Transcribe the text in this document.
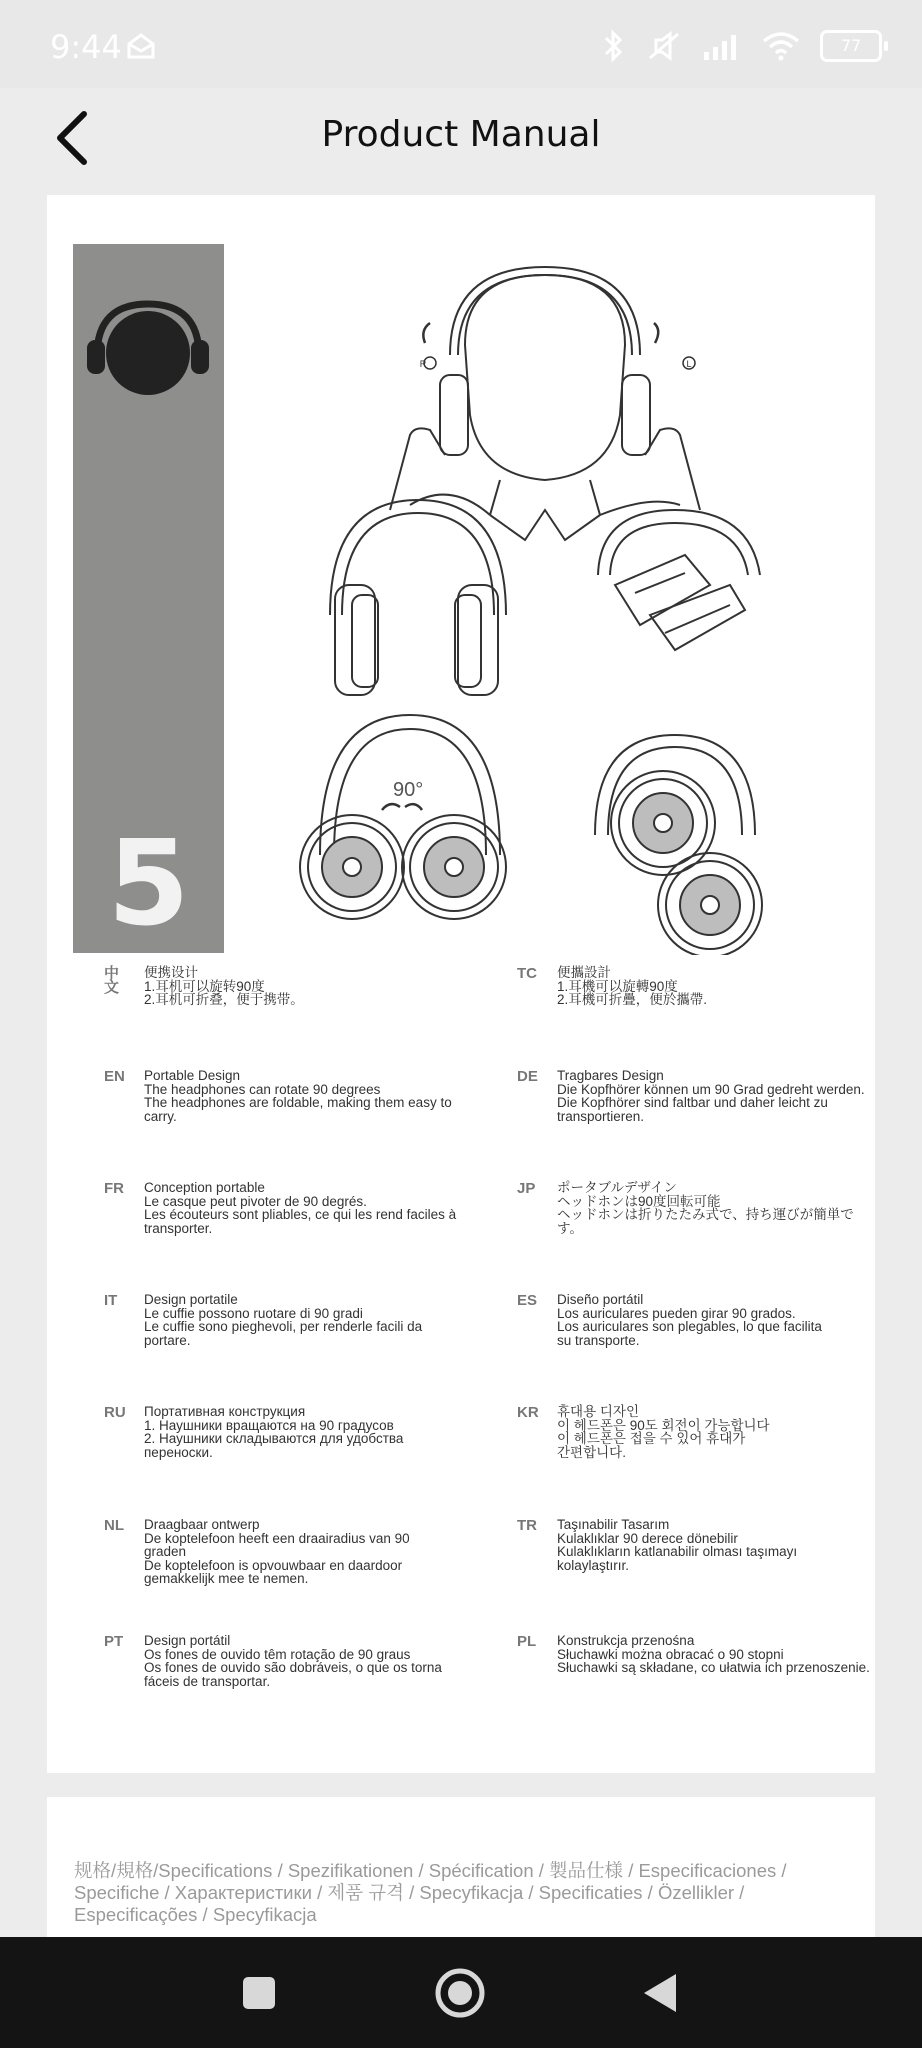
9:44	77
Product Manual
5
90°
R	L
中文
便携设计
1.耳机可以旋转90度
2.耳机可折叠，便于携带。
TC 便攜設計
1.耳機可以旋轉90度
2.耳機可折疊，便於攜帶.
EN Portable Design
The headphones can rotate 90 degrees
The headphones are foldable, making them easy to carry.
DE Tragbares Design
Die Kopfhörer können um 90 Grad gedreht werden.
Die Kopfhörer sind faltbar und daher leicht zu
transportieren.
FR Conception portable
Le casque peut pivoter de 90 degrés.
Les écouteurs sont pliables, ce qui les rend faciles à transporter.
JP ポータブルデザイン
ヘッドホンは90度回転可能
ヘッドホンは折りたたみ式で、持ち運びが簡単です。
IT Design portatile
Le cuffie possono ruotare di 90 gradi
Le cuffie sono pieghevoli, per renderle facili da portare.
ES Diseño portátil
Los auriculares pueden girar 90 grados.
Los auriculares son plegables, lo que facilita
su transporte.
RU Портативная конструкция
1. Наушники вращаются на 90 градусов
2. Наушники складываются для удобства
переноски.
KR 휴대용 디자인
이 헤드폰은 90도 회전이 가능합니다
이 헤드폰은 접을 수 있어 휴대가
간편합니다.
NL Draagbaar ontwerp
De koptelefoon heeft een draairadius van 90
graden
De koptelefoon is opvouwbaar en daardoor
gemakkelijk mee te nemen.
TR Taşınabilir Tasarım
Kulaklıklar 90 derece dönebilir
Kulaklıkların katlanabilir olması taşımayı
kolaylaştırır.
PT Design portátil
Os fones de ouvido têm rotação de 90 graus
Os fones de ouvido são dobráveis, o que os torna
fáceis de transportar.
PL Konstrukcja przenośna
Słuchawki można obracać o 90 stopni
Słuchawki są składane, co ułatwia ich przenoszenie.
规格/規格/Specifications / Spezifikationen / Spécification / 製品仕様 / Especificaciones / Specifiche / Характеристики / 제품 규격 / Specyfikacja / Specificaties / Özellikler / Especificações / Specyfikacja
